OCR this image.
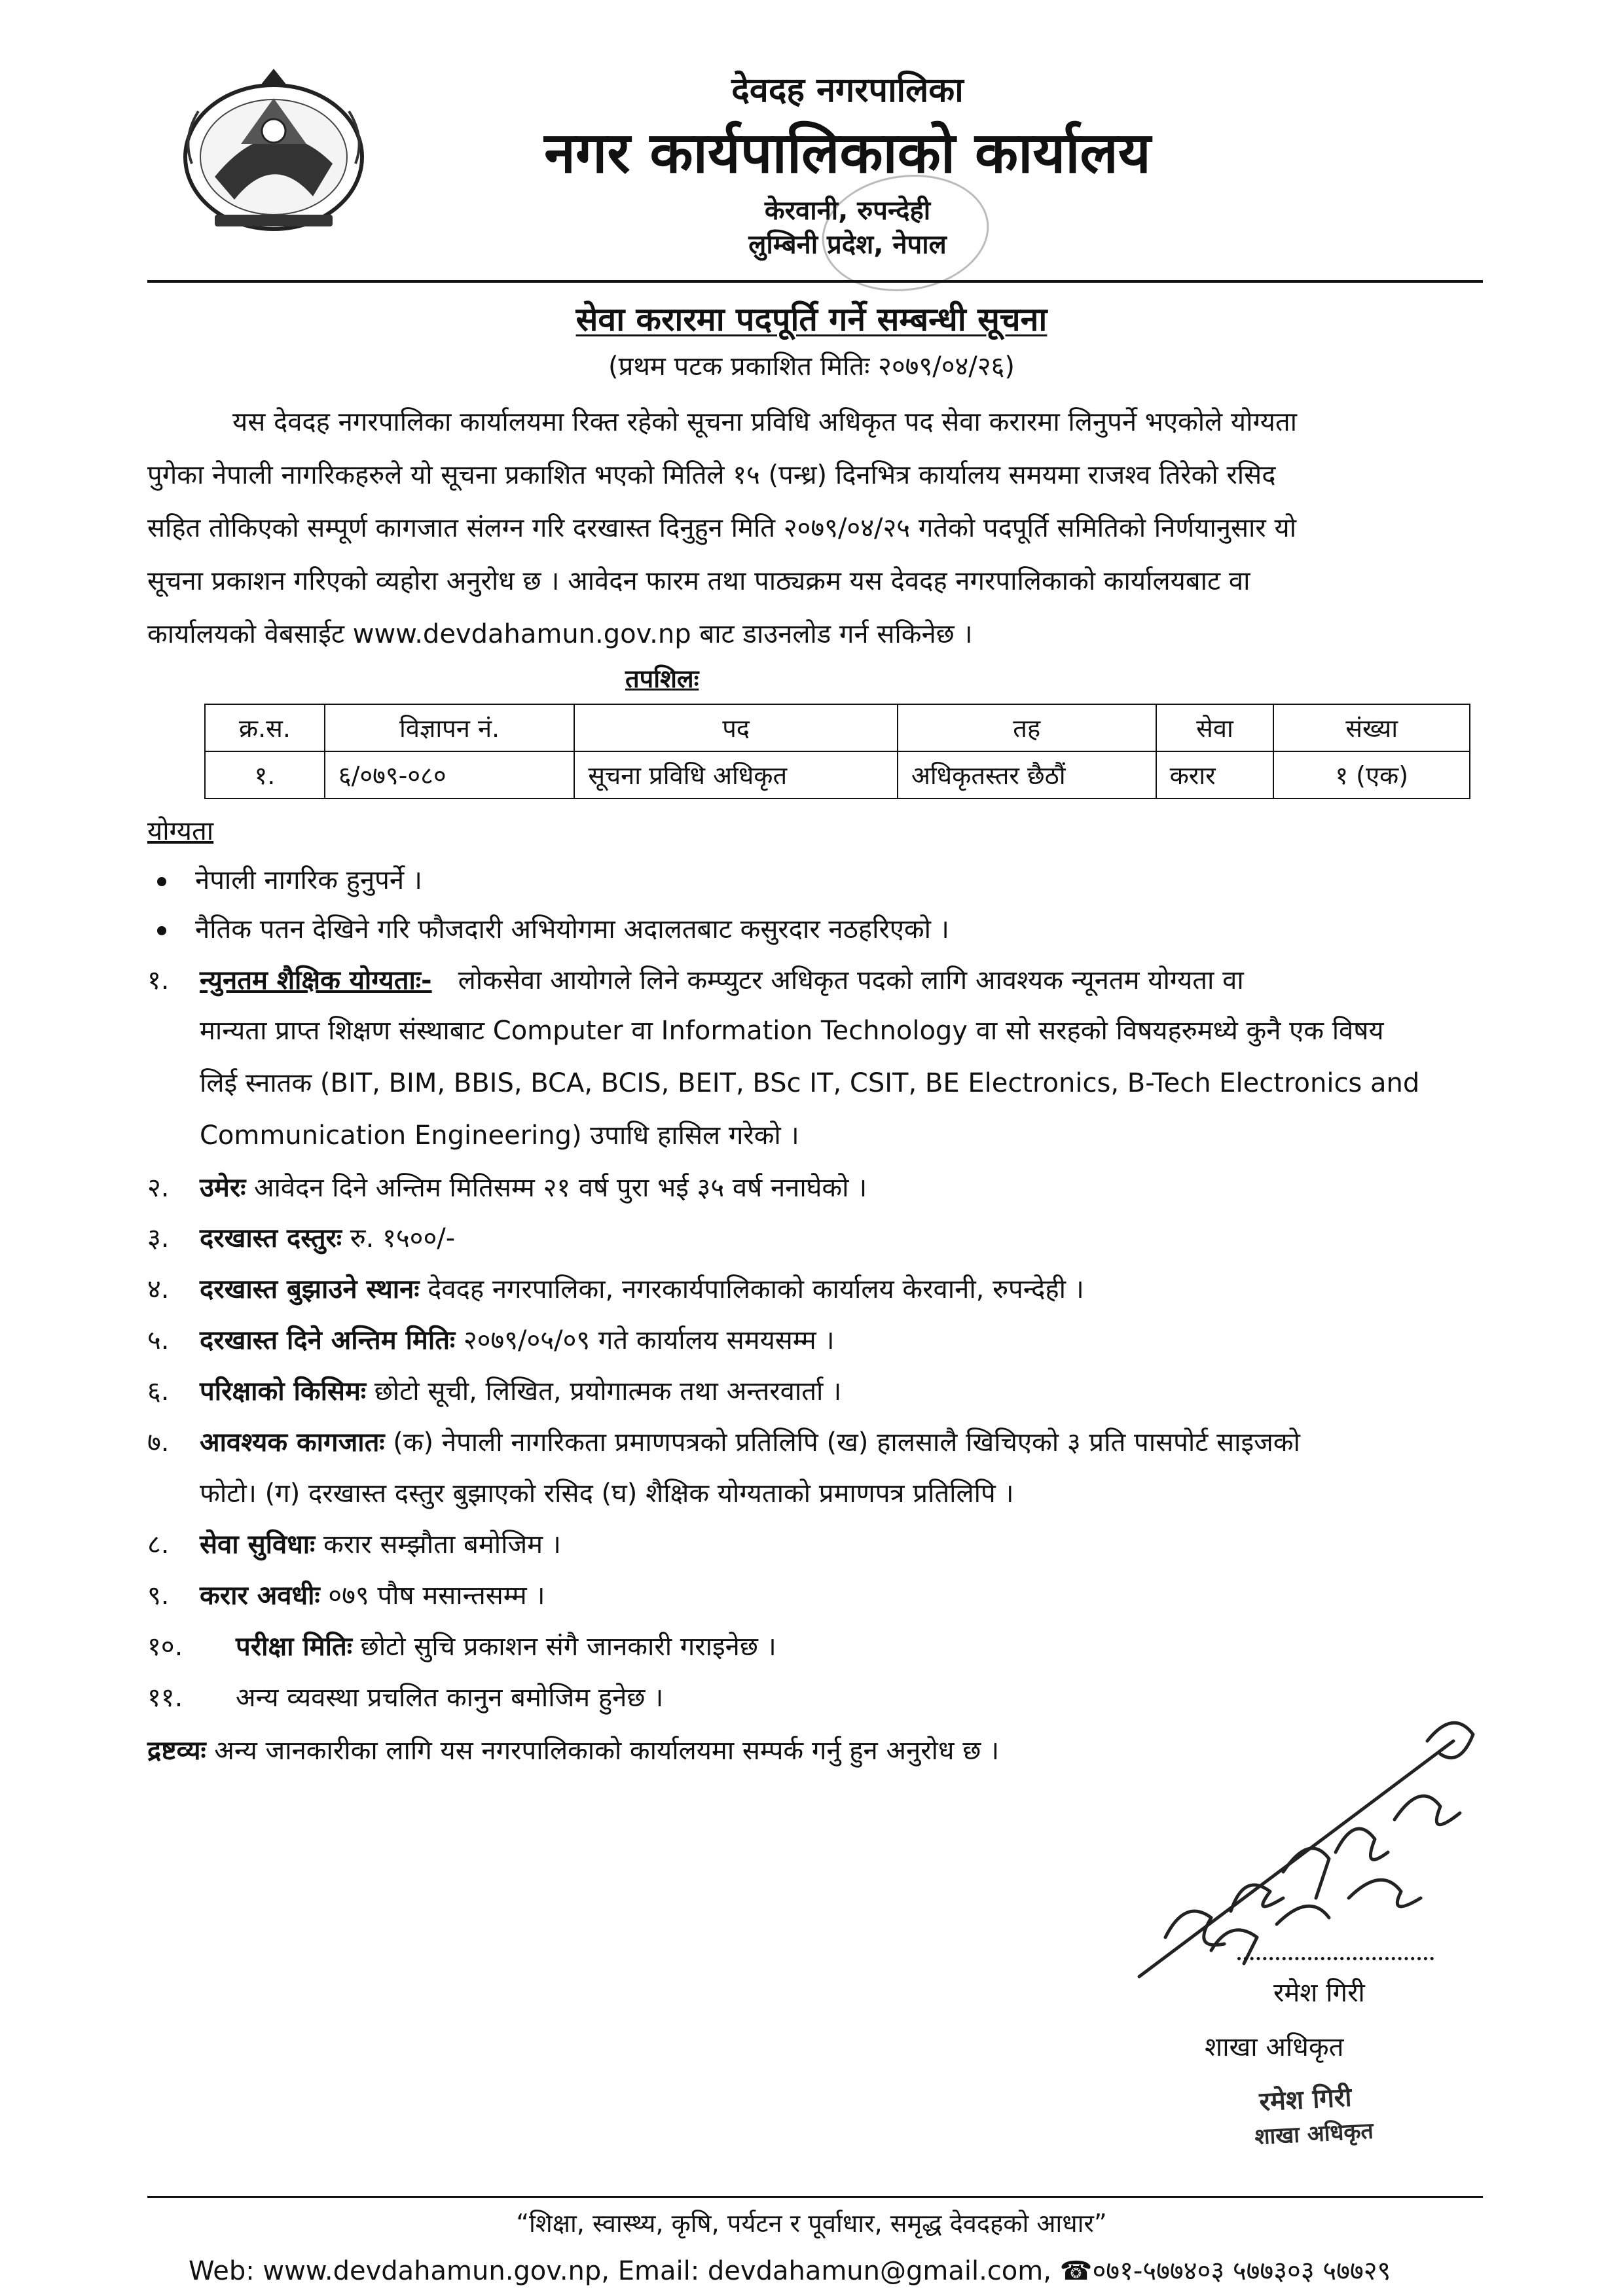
देवदह नगरपालिका
नगर कार्यपालिकाको कार्यालय
केरवानी, रुपन्देही
लुम्बिनी प्रदेश, नेपाल
सेवा करारमा पदपूर्ति गर्ने सम्बन्धी सूचना
(प्रथम पटक प्रकाशित मितिः २०७९/०४/२६)
यस देवदह नगरपालिका कार्यालयमा रिक्त रहेको सूचना प्रविधि अधिकृत पद सेवा करारमा लिनुपर्ने भएकोले योग्यता
पुगेका नेपाली नागरिकहरुले यो सूचना प्रकाशित भएको मितिले १५ (पन्ध्र) दिनभित्र कार्यालय समयमा राजश्व तिरेको रसिद
सहित तोकिएको सम्पूर्ण कागजात संलग्न गरि दरखास्त दिनुहुन मिति २०७९/०४/२५ गतेको पदपूर्ति समितिको निर्णयानुसार यो
सूचना प्रकाशन गरिएको व्यहोरा अनुरोध छ । आवेदन फारम तथा पाठ्यक्रम यस देवदह नगरपालिकाको कार्यालयबाट वा
कार्यालयको वेबसाईट www.devdahamun.gov.np बाट डाउनलोड गर्न सकिनेछ ।
तपशिलः
क्र.स.	विज्ञापन नं.	पद	तह	सेवा	संख्या
१.	६/०७९-०८०	सूचना प्रविधि अधिकृत	अधिकृतस्तर छैठौं	करार	१ (एक)
योग्यता
नेपाली नागरिक हुनुपर्ने ।
नैतिक पतन देखिने गरि फौजदारी अभियोगमा अदालतबाट कसुरदार नठहरिएको ।
१. न्युनतम शैक्षिक योग्यताः- लोकसेवा आयोगले लिने कम्प्युटर अधिकृत पदको लागि आवश्यक न्यूनतम योग्यता वा
मान्यता प्राप्त शिक्षण संस्थाबाट Computer वा Information Technology वा सो सरहको विषयहरुमध्ये कुनै एक विषय
लिई स्नातक (BIT, BIM, BBIS, BCA, BCIS, BEIT, BSc IT, CSIT, BE Electronics, B-Tech Electronics and
Communication Engineering) उपाधि हासिल गरेको ।
२. उमेरः आवेदन दिने अन्तिम मितिसम्म २१ वर्ष पुरा भई ३५ वर्ष ननाघेको ।
३. दरखास्त दस्तुरः रु. १५००/-
४. दरखास्त बुझाउने स्थानः देवदह नगरपालिका, नगरकार्यपालिकाको कार्यालय केरवानी, रुपन्देही ।
५. दरखास्त दिने अन्तिम मितिः २०७९/०५/०९ गते कार्यालय समयसम्म ।
६. परिक्षाको किसिमः छोटो सूची, लिखित, प्रयोगात्मक तथा अन्तरवार्ता ।
७. आवश्यक कागजातः (क) नेपाली नागरिकता प्रमाणपत्रको प्रतिलिपि (ख) हालसालै खिचिएको ३ प्रति पासपोर्ट साइजको
फोटो। (ग) दरखास्त दस्तुर बुझाएको रसिद (घ) शैक्षिक योग्यताको प्रमाणपत्र प्रतिलिपि ।
८. सेवा सुविधाः करार सम्झौता बमोजिम ।
९. करार अवधीः ०७९ पौष मसान्तसम्म ।
१०. परीक्षा मितिः छोटो सुचि प्रकाशन संगै जानकारी गराइनेछ ।
११. अन्य व्यवस्था प्रचलित कानुन बमोजिम हुनेछ ।
द्रष्टव्यः अन्य जानकारीका लागि यस नगरपालिकाको कार्यालयमा सम्पर्क गर्नु हुन अनुरोध छ ।
रमेश गिरी
शाखा अधिकृत
रमेश गिरी
शाखा अधिकृत
“शिक्षा, स्वास्थ्य, कृषि, पर्यटन र पूर्वाधार, समृद्ध देवदहको आधार”
Web: www.devdahamun.gov.np, Email: devdahamun@gmail.com, ☎०७१-५७७४०३ ५७७३०३ ५७७२९
